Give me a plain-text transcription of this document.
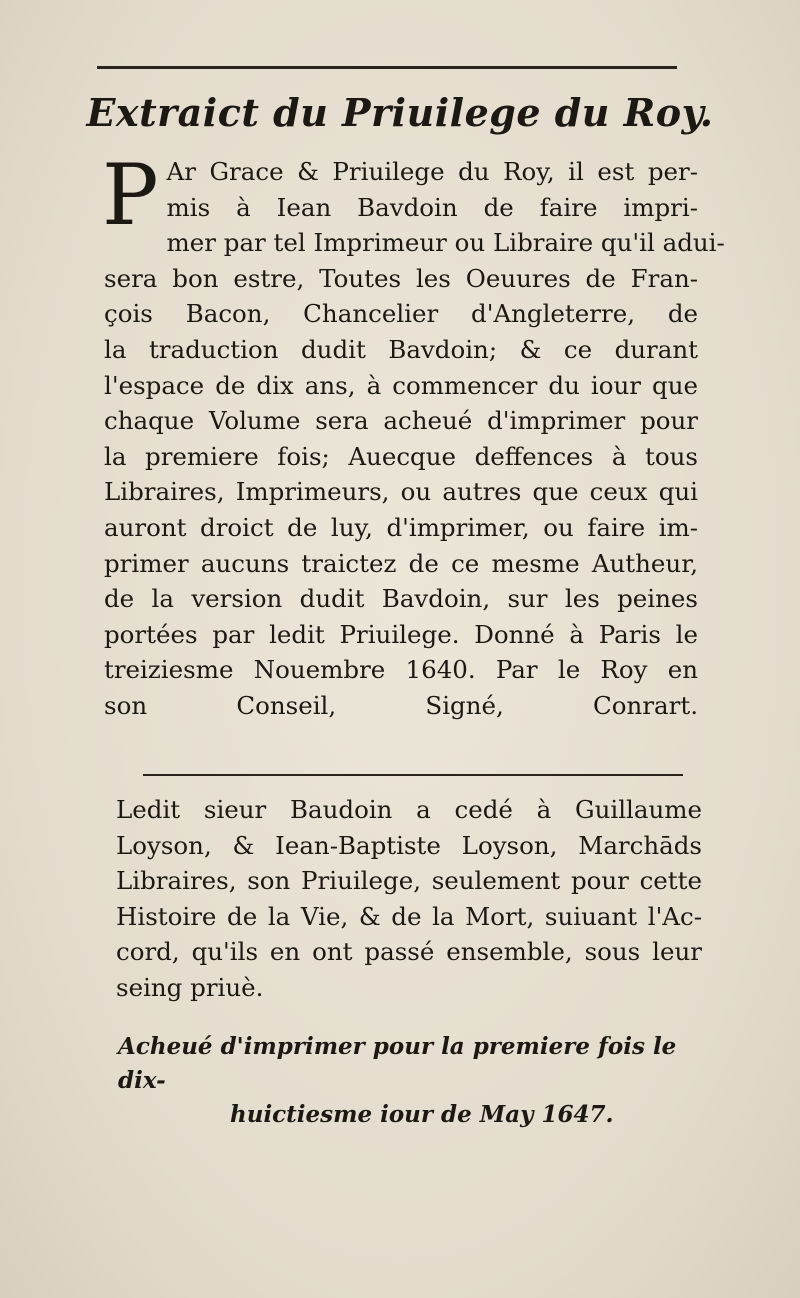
Extraict du Priuilege du Roy.
P Ar Grace & Priuilege du Roy, il est per-
mis à Iean Bavdoin de faire impri-
mer par tel Imprimeur ou Libraire qu'il adui-
sera bon estre, Toutes les Oeuures de Fran-
çois Bacon, Chancelier d'Angleterre, de
la traduction dudit Bavdoin; & ce durant
l'espace de dix ans, à commencer du iour que
chaque Volume sera acheué d'imprimer pour
la premiere fois; Auecque deffences à tous
Libraires, Imprimeurs, ou autres que ceux qui
auront droict de luy, d'imprimer, ou faire im-
primer aucuns traictez de ce mesme Autheur,
de la version dudit Bavdoin, sur les peines
portées par ledit Priuilege. Donné à Paris le
treiziesme Nouembre 1640. Par le Roy en
son Conseil, Signé, Conrart.
Ledit sieur Baudoin a cedé à Guillaume
Loyson, & Iean-Baptiste Loyson, Marchāds
Libraires, son Priuilege, seulement pour cette
Histoire de la Vie, & de la Mort, suiuant l'Ac-
cord, qu'ils en ont passé ensemble, sous leur
seing priuè.
Acheué d'imprimer pour la premiere fois le dix-
huictiesme iour de May 1647.
